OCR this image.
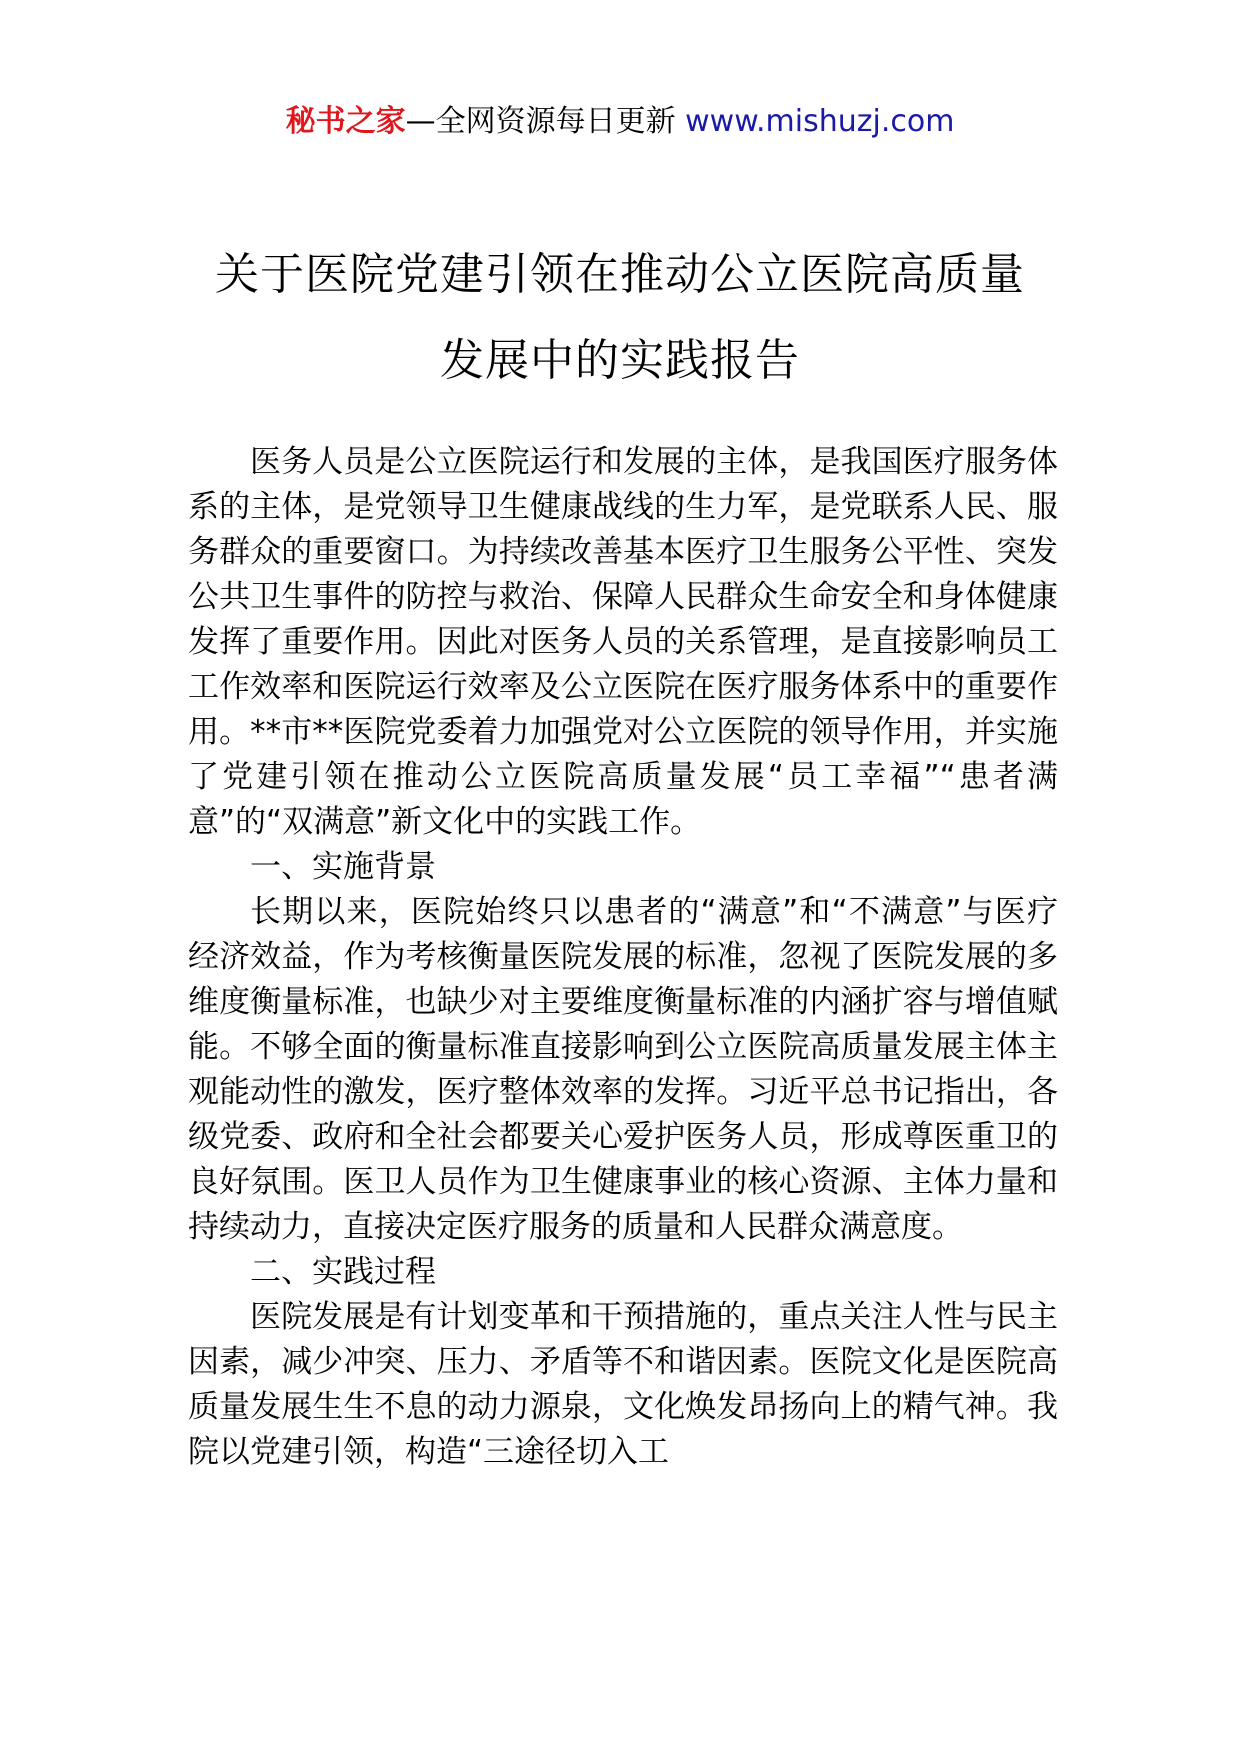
秘书之家—全网资源每日更新 www.mishuzj.com
关于医院党建引领在推动公立医院高质量
发展中的实践报告

医务人员是公立医院运行和发展的主体，是我国医疗服务体系的主体，是党领导卫生健康战线的生力军，是党联系人民、服务群众的重要窗口。为持续改善基本医疗卫生服务公平性、突发公共卫生事件的防控与救治、保障人民群众生命安全和身体健康发挥了重要作用。因此对医务人员的关系管理，是直接影响员工工作效率和医院运行效率及公立医院在医疗服务体系中的重要作用。**市**医院党委着力加强党对公立医院的领导作用，并实施了党建引领在推动公立医院高质量发展“员工幸福”“患者满意”的“双满意”新文化中的实践工作。

一、实施背景

长期以来，医院始终只以患者的“满意”和“不满意”与医疗经济效益，作为考核衡量医院发展的标准，忽视了医院发展的多维度衡量标准，也缺少对主要维度衡量标准的内涵扩容与增值赋能。不够全面的衡量标准直接影响到公立医院高质量发展主体主观能动性的激发，医疗整体效率的发挥。习近平总书记指出，各级党委、政府和全社会都要关心爱护医务人员，形成尊医重卫的良好氛围。医卫人员作为卫生健康事业的核心资源、主体力量和持续动力，直接决定医疗服务的质量和人民群众满意度。

二、实践过程

医院发展是有计划变革和干预措施的，重点关注人性与民主因素，减少冲突、压力、矛盾等不和谐因素。医院文化是医院高质量发展生生不息的动力源泉，文化焕发昂扬向上的精气神。我院以党建引领，构造“三途径切入工
